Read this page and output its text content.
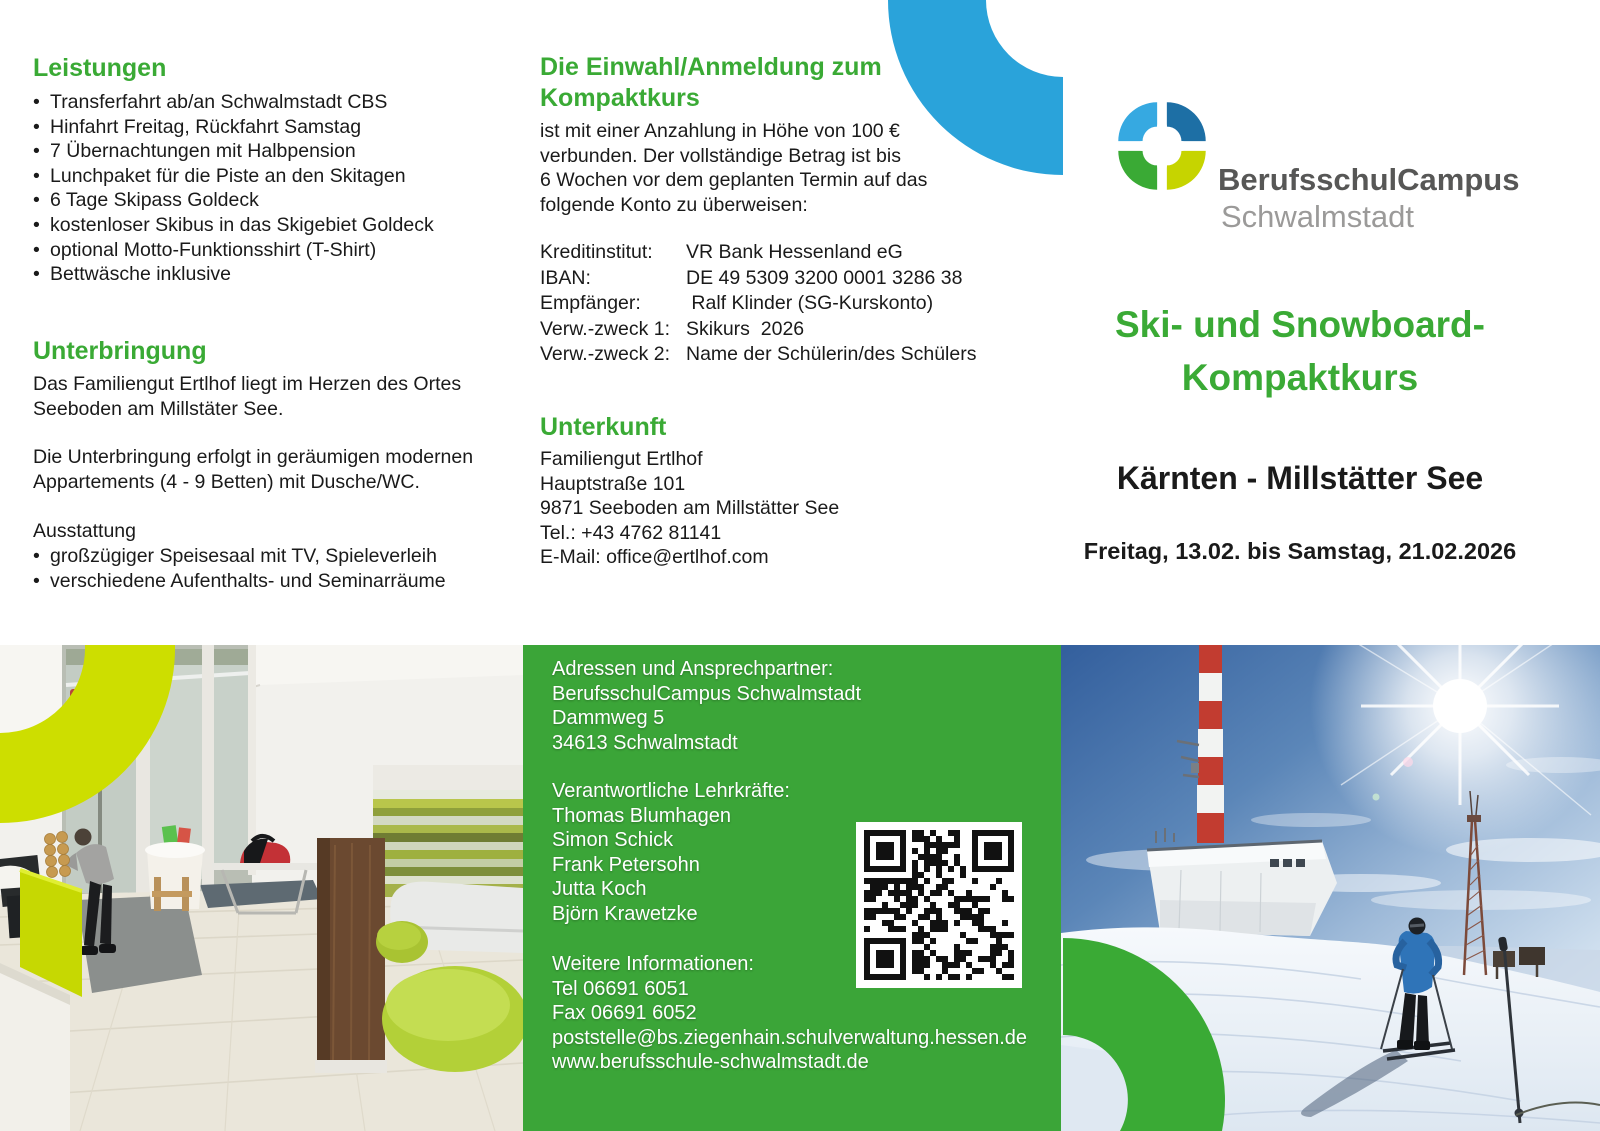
Leistungen
• Transferfahrt ab/an Schwalmstadt CBS
• Hinfahrt Freitag, Rückfahrt Samstag
• 7 Übernachtungen mit Halbpension
• Lunchpaket für die Piste an den Skitagen
• 6 Tage Skipass Goldeck
• kostenloser Skibus in das Skigebiet Goldeck
• optional Motto-Funktionsshirt (T-Shirt)
• Bettwäsche inklusive
Unterbringung
Das Familiengut Ertlhof liegt im Herzen des Ortes
Seeboden am Millstäter See.
Die Unterbringung erfolgt in geräumigen modernen
Appartements (4 - 9 Betten) mit Dusche/WC.
Ausstattung
• großzügiger Speisesaal mit TV, Spieleverleih
• verschiedene Aufenthalts- und Seminarräume
Die Einwahl/Anmeldung zum
Kompaktkurs
ist mit einer Anzahlung in Höhe von 100 €
verbunden. Der vollständige Betrag ist bis
6 Wochen vor dem geplanten Termin auf das
folgende Konto zu überweisen:
Kreditinstitut:	VR Bank Hessenland eG
IBAN:	DE 49 5309 3200 0001 3286 38
Empfänger:	Ralf Klinder (SG-Kurskonto)
Verw.-zweck 1: Skikurs  2026
Verw.-zweck 2: Name der Schülerin/des Schülers
Unterkunft
Familiengut Ertlhof
Hauptstraße 101
9871 Seeboden am Millstätter See
Tel.: +43 4762 81141
E-Mail: office@ertlhof.com
BerufsschulCampus
Schwalmstadt
Ski- und Snowboard-
Kompaktkurs
Kärnten - Millstätter See
Freitag, 13.02. bis Samstag, 21.02.2026
Adressen und Ansprechpartner:
BerufsschulCampus Schwalmstadt
Dammweg 5
34613 Schwalmstadt
Verantwortliche Lehrkräfte:
Thomas Blumhagen
Simon Schick
Frank Petersohn
Jutta Koch
Björn Krawetzke
Weitere Informationen:
Tel 06691 6051
Fax 06691 6052
poststelle@bs.ziegenhain.schulverwaltung.hessen.de
www.berufsschule-schwalmstadt.de
